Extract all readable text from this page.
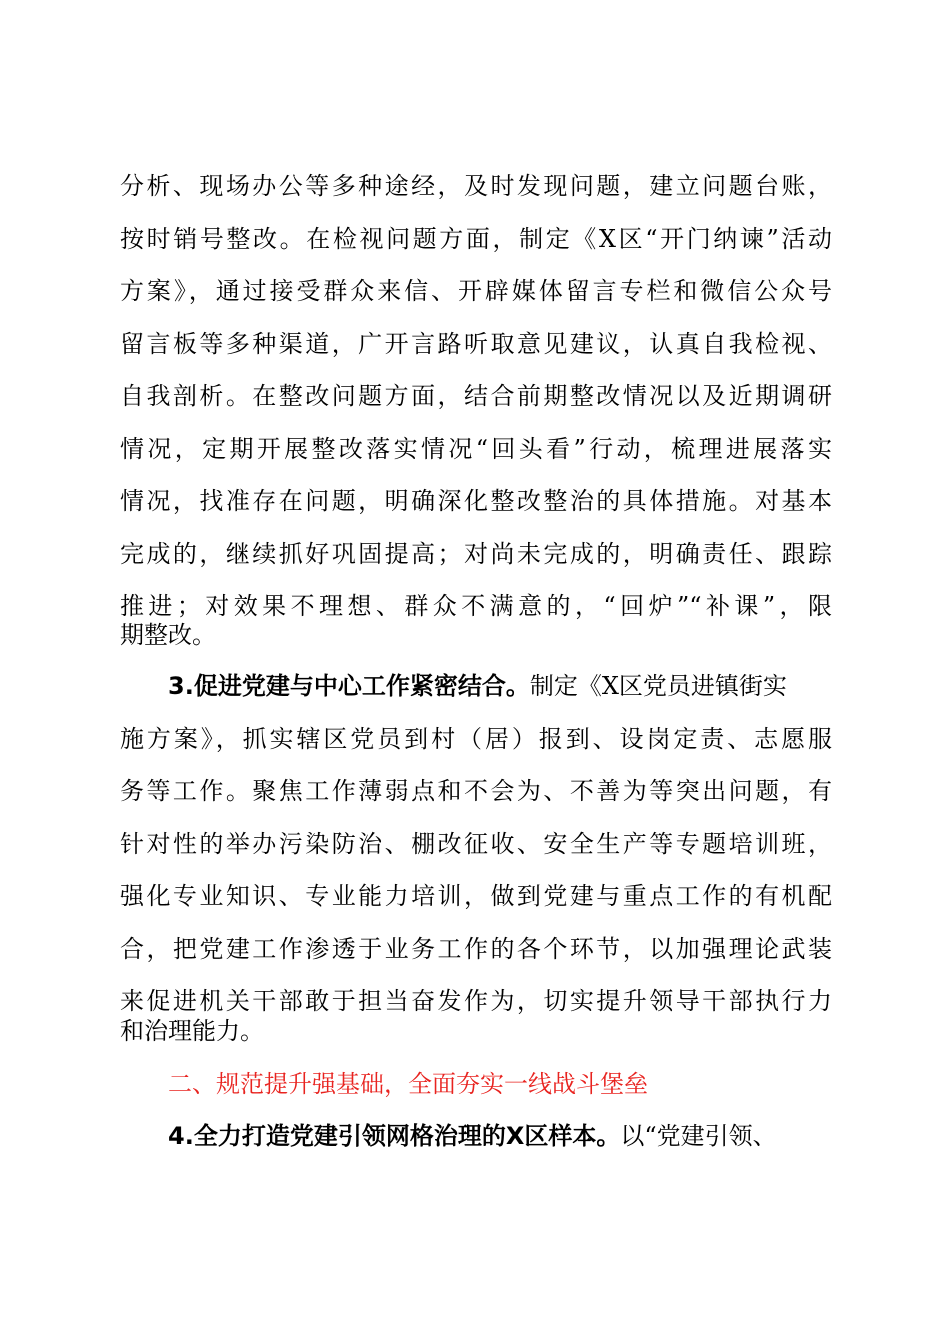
分析、现场办公等多种途经，及时发现问题，建立问题台账，
按时销号整改。在检视问题方面，制定《X区“开门纳谏”活动
方案》，通过接受群众来信、开辟媒体留言专栏和微信公众号
留言板等多种渠道，广开言路听取意见建议，认真自我检视、
自我剖析。在整改问题方面，结合前期整改情况以及近期调研
情况，定期开展整改落实情况“回头看”行动，梳理进展落实
情况，找准存在问题，明确深化整改整治的具体措施。对基本
完成的，继续抓好巩固提高；对尚未完成的，明确责任、跟踪
推进；对效果不理想、群众不满意的，“回炉”“补课”，限
期整改。
3.促进党建与中心工作紧密结合。制定《X区党员进镇街实
施方案》，抓实辖区党员到村（居）报到、设岗定责、志愿服
务等工作。聚焦工作薄弱点和不会为、不善为等突出问题，有
针对性的举办污染防治、棚改征收、安全生产等专题培训班，
强化专业知识、专业能力培训，做到党建与重点工作的有机配
合，把党建工作渗透于业务工作的各个环节，以加强理论武装
来促进机关干部敢于担当奋发作为，切实提升领导干部执行力
和治理能力。
二、规范提升强基础，全面夯实一线战斗堡垒
4.全力打造党建引领网格治理的X区样本。以“党建引领、
